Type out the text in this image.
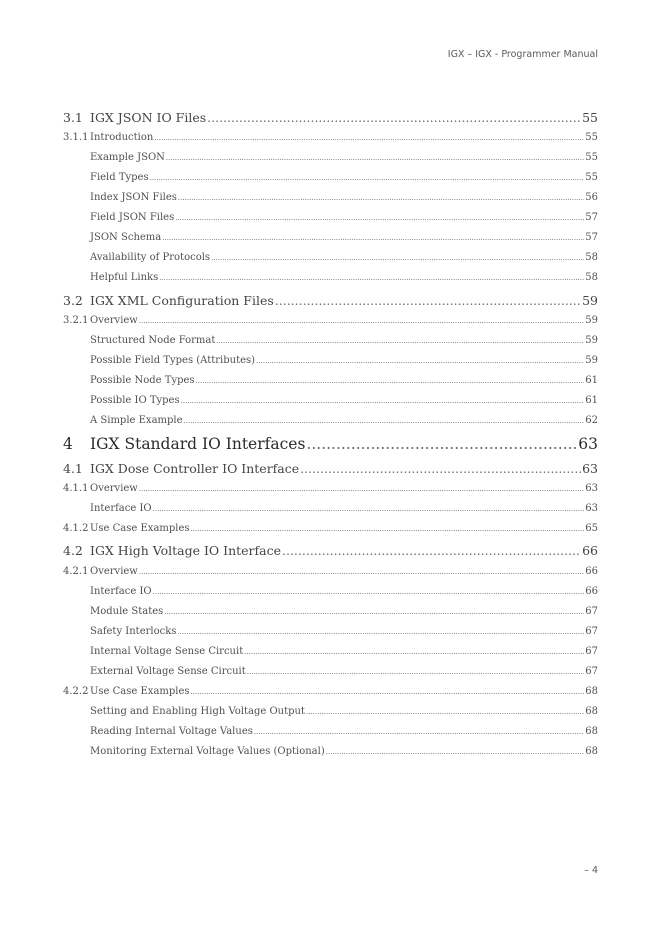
IGX – IGX - Programmer Manual
3.1 IGX JSON IO Files .....	55
3.1.1 Introduction .....	55
Example JSON .....	55
Field Types .....	55
Index JSON Files .....	56
Field JSON Files .....	57
JSON Schema .....	57
Availability of Protocols .....	58
Helpful Links .....	58
3.2 IGX XML Configuration Files .....	59
3.2.1 Overview .....	59
Structured Node Format .....	59
Possible Field Types (Attributes) .....	59
Possible Node Types .....	61
Possible IO Types .....	61
A Simple Example .....	62
4	IGX Standard IO Interfaces .....	63
4.1 IGX Dose Controller IO Interface .....	63
4.1.1 Overview .....	63
Interface IO .....	63
4.1.2 Use Case Examples .....	65
4.2 IGX High Voltage IO Interface .....	66
4.2.1 Overview .....	66
Interface IO .....	66
Module States .....	67
Safety Interlocks .....	67
Internal Voltage Sense Circuit .....	67
External Voltage Sense Circuit .....	67
4.2.2 Use Case Examples .....	68
Setting and Enabling High Voltage Output .....	68
Reading Internal Voltage Values .....	68
Monitoring External Voltage Values (Optional) .....	68
– 4
